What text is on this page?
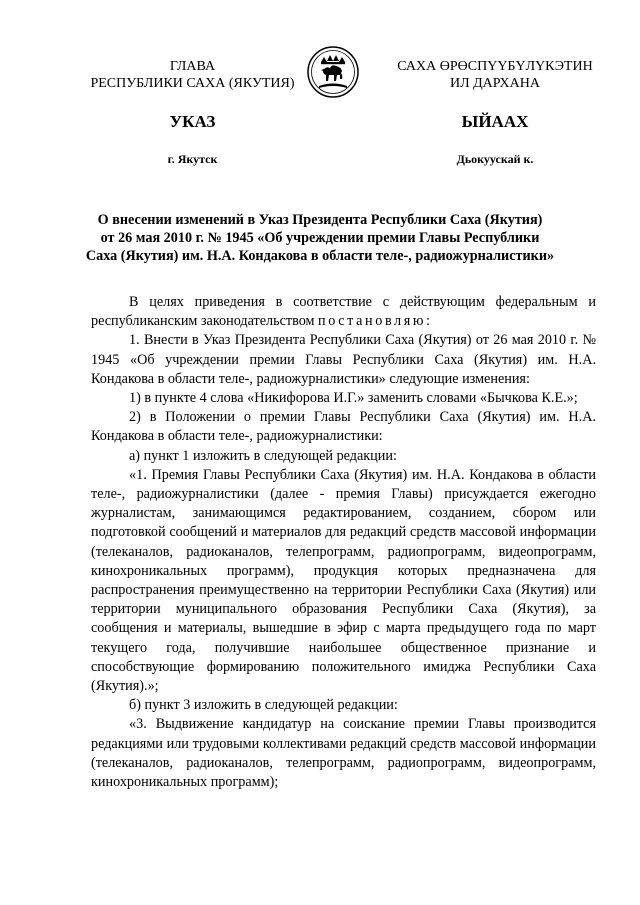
ГЛАВА
РЕСПУБЛИКИ САХА (ЯКУТИЯ)
САХА ӨРӨСПҮҮБҮЛҮКЭТИН
ИЛ ДАРХАНА
УКАЗ	ЫЙААХ
г. Якутск	Дьокуускай к.
О внесении изменений в Указ Президента Республики Саха (Якутия)
от 26 мая 2010 г. № 1945 «Об учреждении премии Главы Республики
Саха (Якутия) им. Н.А. Кондакова в области теле-, радиожурналистики»

В целях приведения в соответствие с действующим федеральным и республиканским законодательством постановляю:

1. Внести в Указ Президента Республики Саха (Якутия) от 26 мая 2010 г. № 1945 «Об учреждении премии Главы Республики Саха (Якутия) им. Н.А. Кондакова в области теле-, радиожурналистики» следующие изменения:

1) в пункте 4 слова «Никифорова И.Г.» заменить словами «Бычкова К.Е.»;

2) в Положении о премии Главы Республики Саха (Якутия) им. Н.А. Кондакова в области теле-, радиожурналистики:

а) пункт 1 изложить в следующей редакции:

«1. Премия Главы Республики Саха (Якутия) им. Н.А. Кондакова в области теле-, радиожурналистики (далее - премия Главы) присуждается ежегодно журналистам, занимающимся редактированием, созданием, сбором или подготовкой сообщений и материалов для редакций средств массовой информации (телеканалов, радиоканалов, телепрограмм, радиопрограмм, видеопрограмм, кинохроникальных программ), продукция которых предназначена для распространения преимущественно на территории Республики Саха (Якутия) или территории муниципального образования Республики Саха (Якутия), за сообщения и материалы, вышедшие в эфир с марта предыдущего года по март текущего года, получившие наибольшее общественное признание и способствующие формированию положительного имиджа Республики Саха (Якутия).»;

б) пункт 3 изложить в следующей редакции:

«3. Выдвижение кандидатур на соискание премии Главы производится редакциями или трудовыми коллективами редакций средств массовой информации (телеканалов, радиоканалов, телепрограмм, радиопрограмм, видеопрограмм, кинохроникальных программ);
